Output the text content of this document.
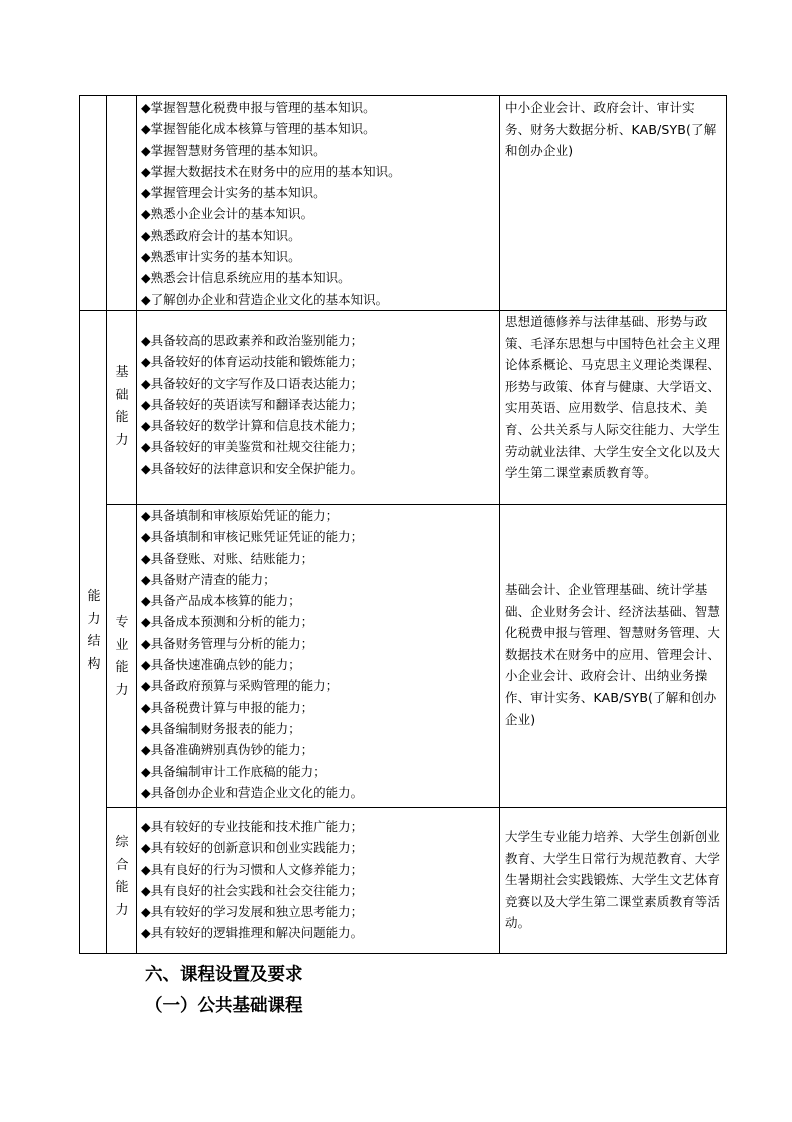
◆掌握智慧化税费申报与管理的基本知识。
◆掌握智能化成本核算与管理的基本知识。
◆掌握智慧财务管理的基本知识。
◆掌握大数据技术在财务中的应用的基本知识。
◆掌握管理会计实务的基本知识。
◆熟悉小企业会计的基本知识。
◆熟悉政府会计的基本知识。
◆熟悉审计实务的基本知识。
◆熟悉会计信息系统应用的基本知识。
◆了解创办企业和营造企业文化的基本知识。
中小企业会计、政府会计、审计实务、财务大数据分析、KAB/SYB(了解和创办企业)
能力结构
基础能力
◆具备较高的思政素养和政治鉴别能力；
◆具备较好的体育运动技能和锻炼能力；
◆具备较好的文字写作及口语表达能力；
◆具备较好的英语读写和翻译表达能力；
◆具备较好的数学计算和信息技术能力；
◆具备较好的审美鉴赏和社规交往能力；
◆具备较好的法律意识和安全保护能力。
思想道德修养与法律基础、形势与政策、毛泽东思想与中国特色社会主义理论体系概论、马克思主义理论类课程、形势与政策、体育与健康、大学语文、实用英语、应用数学、信息技术、美育、公共关系与人际交往能力、大学生劳动就业法律、大学生安全文化以及大学生第二课堂素质教育等。
专业能力
◆具备填制和审核原始凭证的能力；
◆具备填制和审核记账凭证凭证的能力；
◆具备登账、对账、结账能力；
◆具备财产清查的能力；
◆具备产品成本核算的能力；
◆具备成本预测和分析的能力；
◆具备财务管理与分析的能力；
◆具备快速准确点钞的能力；
◆具备政府预算与采购管理的能力；
◆具备税费计算与申报的能力；
◆具备编制财务报表的能力；
◆具备准确辨别真伪钞的能力；
◆具备编制审计工作底稿的能力；
◆具备创办企业和营造企业文化的能力。
基础会计、企业管理基础、统计学基础、企业财务会计、经济法基础、智慧化税费申报与管理、智慧财务管理、大数据技术在财务中的应用、管理会计、小企业会计、政府会计、出纳业务操作、审计实务、KAB/SYB(了解和创办企业)
综合能力
◆具有较好的专业技能和技术推广能力；
◆具有较好的创新意识和创业实践能力；
◆具有良好的行为习惯和人文修养能力；
◆具有良好的社会实践和社会交往能力；
◆具有较好的学习发展和独立思考能力；
◆具有较好的逻辑推理和解决问题能力。
大学生专业能力培养、大学生创新创业教育、大学生日常行为规范教育、大学生暑期社会实践锻炼、大学生文艺体育竞赛以及大学生第二课堂素质教育等活动。
六、课程设置及要求
（一）公共基础课程
